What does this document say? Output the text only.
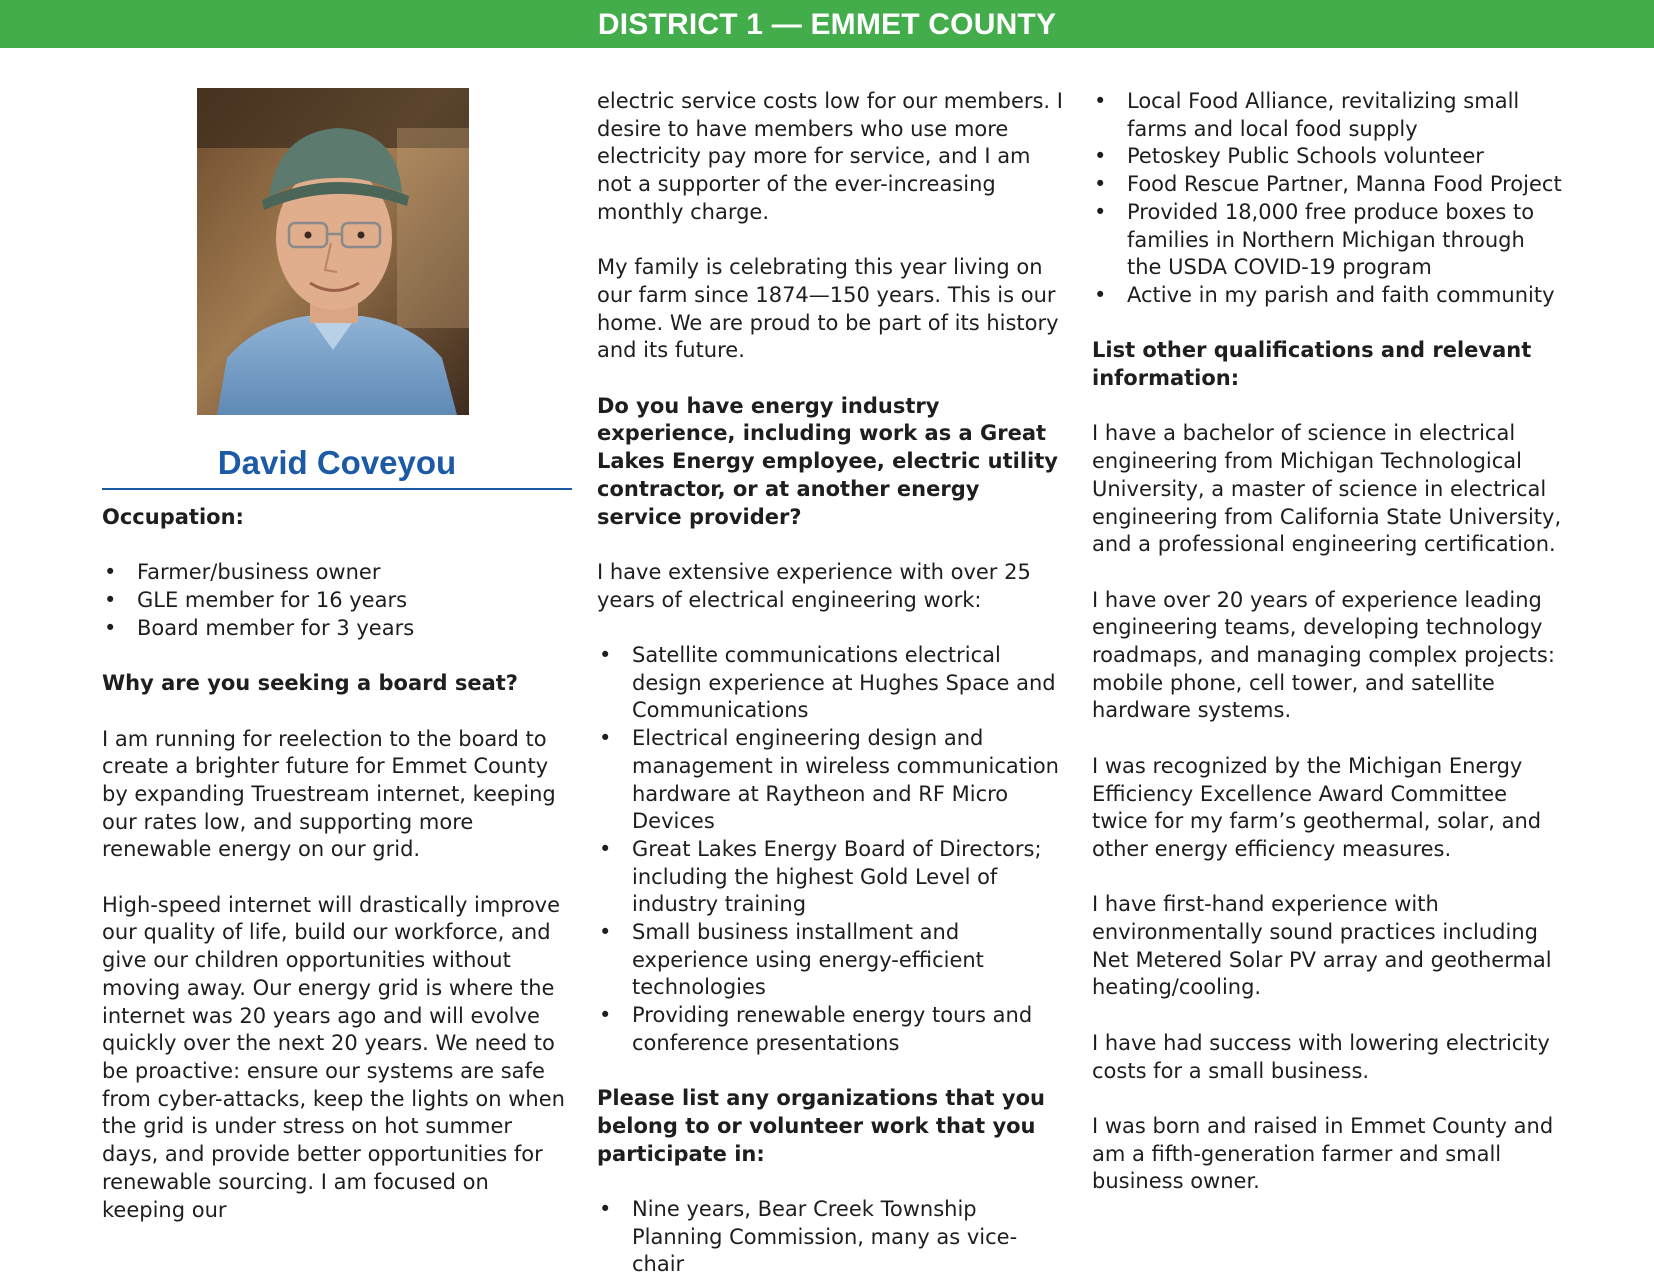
DISTRICT 1 — EMMET COUNTY
David Coveyou

Occupation:

• Farmer/business owner
• GLE member for 16 years
• Board member for 3 years

Why are you seeking a board seat?

I am running for reelection to the board to create a brighter future for Emmet County by expanding Truestream internet, keeping our rates low, and supporting more renewable energy on our grid.

High-speed internet will drastically improve our quality of life, build our workforce, and give our children opportunities without moving away. Our energy grid is where the internet was 20 years ago and will evolve quickly over the next 20 years. We need to be proactive: ensure our systems are safe from cyber-attacks, keep the lights on when the grid is under stress on hot summer days, and provide better opportunities for renewable sourcing. I am focused on keeping our

electric service costs low for our members. I desire to have members who use more electricity pay more for service, and I am not a supporter of the ever-increasing monthly charge.

My family is celebrating this year living on our farm since 1874—150 years. This is our home. We are proud to be part of its history and its future.

Do you have energy industry experience, including work as a Great Lakes Energy employee, electric utility contractor, or at another energy service provider?

I have extensive experience with over 25 years of electrical engineering work:

• Satellite communications electrical design experience at Hughes Space and Communications
• Electrical engineering design and management in wireless communication hardware at Raytheon and RF Micro Devices
• Great Lakes Energy Board of Directors; including the highest Gold Level of industry training
• Small business installment and experience using energy-efficient technologies
• Providing renewable energy tours and conference presentations

Please list any organizations that you belong to or volunteer work that you participate in:

• Nine years, Bear Creek Township Planning Commission, many as vice-chair
• Local Food Alliance, revitalizing small farms and local food supply
• Petoskey Public Schools volunteer
• Food Rescue Partner, Manna Food Project
• Provided 18,000 free produce boxes to families in Northern Michigan through the USDA COVID-19 program
• Active in my parish and faith community

List other qualifications and relevant information:

I have a bachelor of science in electrical engineering from Michigan Technological University, a master of science in electrical engineering from California State University, and a professional engineering certification.

I have over 20 years of experience leading engineering teams, developing technology roadmaps, and managing complex projects: mobile phone, cell tower, and satellite hardware systems.

I was recognized by the Michigan Energy Efficiency Excellence Award Committee twice for my farm’s geothermal, solar, and other energy efficiency measures.

I have first-hand experience with environmentally sound practices including Net Metered Solar PV array and geothermal heating/cooling.

I have had success with lowering electricity costs for a small business.

I was born and raised in Emmet County and am a fifth-generation farmer and small business owner.
